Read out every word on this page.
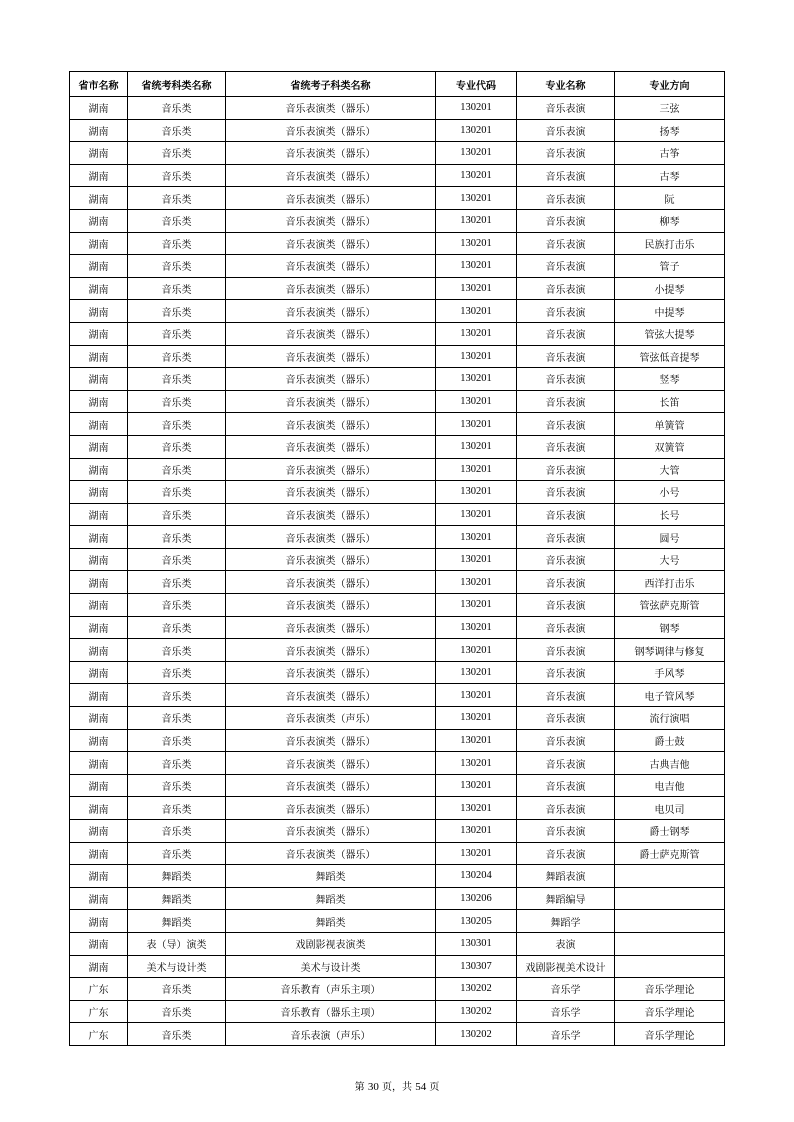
省市名称	省统考科类名称	省统考子科类名称	专业代码	专业名称	专业方向
湖南	音乐类	音乐表演类（器乐）	130201	音乐表演	三弦
湖南	音乐类	音乐表演类（器乐）	130201	音乐表演	扬琴
湖南	音乐类	音乐表演类（器乐）	130201	音乐表演	古筝
湖南	音乐类	音乐表演类（器乐）	130201	音乐表演	古琴
湖南	音乐类	音乐表演类（器乐）	130201	音乐表演	阮
湖南	音乐类	音乐表演类（器乐）	130201	音乐表演	柳琴
湖南	音乐类	音乐表演类（器乐）	130201	音乐表演	民族打击乐
湖南	音乐类	音乐表演类（器乐）	130201	音乐表演	管子
湖南	音乐类	音乐表演类（器乐）	130201	音乐表演	小提琴
湖南	音乐类	音乐表演类（器乐）	130201	音乐表演	中提琴
湖南	音乐类	音乐表演类（器乐）	130201	音乐表演	管弦大提琴
湖南	音乐类	音乐表演类（器乐）	130201	音乐表演	管弦低音提琴
湖南	音乐类	音乐表演类（器乐）	130201	音乐表演	竖琴
湖南	音乐类	音乐表演类（器乐）	130201	音乐表演	长笛
湖南	音乐类	音乐表演类（器乐）	130201	音乐表演	单簧管
湖南	音乐类	音乐表演类（器乐）	130201	音乐表演	双簧管
湖南	音乐类	音乐表演类（器乐）	130201	音乐表演	大管
湖南	音乐类	音乐表演类（器乐）	130201	音乐表演	小号
湖南	音乐类	音乐表演类（器乐）	130201	音乐表演	长号
湖南	音乐类	音乐表演类（器乐）	130201	音乐表演	圆号
湖南	音乐类	音乐表演类（器乐）	130201	音乐表演	大号
湖南	音乐类	音乐表演类（器乐）	130201	音乐表演	西洋打击乐
湖南	音乐类	音乐表演类（器乐）	130201	音乐表演	管弦萨克斯管
湖南	音乐类	音乐表演类（器乐）	130201	音乐表演	钢琴
湖南	音乐类	音乐表演类（器乐）	130201	音乐表演	钢琴调律与修复
湖南	音乐类	音乐表演类（器乐）	130201	音乐表演	手风琴
湖南	音乐类	音乐表演类（器乐）	130201	音乐表演	电子管风琴
湖南	音乐类	音乐表演类（声乐）	130201	音乐表演	流行演唱
湖南	音乐类	音乐表演类（器乐）	130201	音乐表演	爵士鼓
湖南	音乐类	音乐表演类（器乐）	130201	音乐表演	古典吉他
湖南	音乐类	音乐表演类（器乐）	130201	音乐表演	电吉他
湖南	音乐类	音乐表演类（器乐）	130201	音乐表演	电贝司
湖南	音乐类	音乐表演类（器乐）	130201	音乐表演	爵士钢琴
湖南	音乐类	音乐表演类（器乐）	130201	音乐表演	爵士萨克斯管
湖南	舞蹈类	舞蹈类	130204	舞蹈表演	
湖南	舞蹈类	舞蹈类	130206	舞蹈编导	
湖南	舞蹈类	舞蹈类	130205	舞蹈学	
湖南	表（导）演类	戏剧影视表演类	130301	表演	
湖南	美术与设计类	美术与设计类	130307	戏剧影视美术设计	
广东	音乐类	音乐教育（声乐主项）	130202	音乐学	音乐学理论
广东	音乐类	音乐教育（器乐主项）	130202	音乐学	音乐学理论
广东	音乐类	音乐表演（声乐）	130202	音乐学	音乐学理论
第 30 页，共 54 页
